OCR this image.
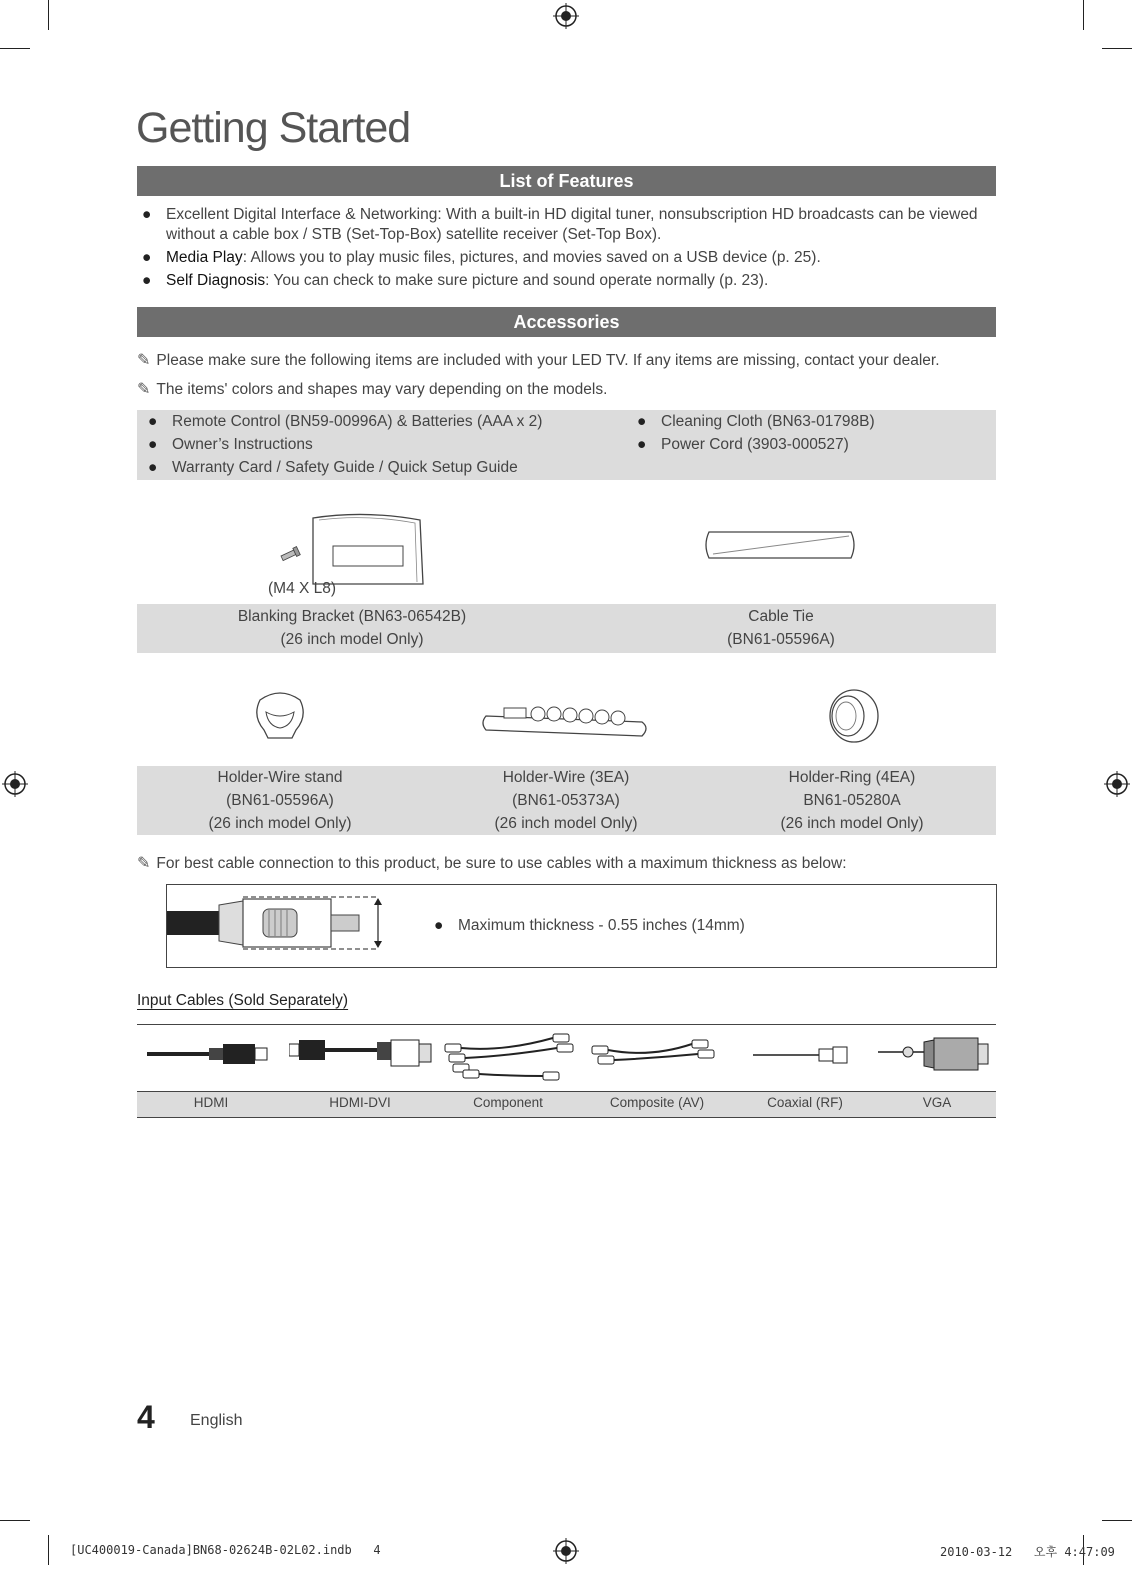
Getting Started
List of Features
● Excellent Digital Interface & Networking: With a built-in HD digital tuner, nonsubscription HD broadcasts can be viewed without a cable box / STB (Set-Top-Box) satellite receiver (Set-Top Box).
● Media Play: Allows you to play music files, pictures, and movies saved on a USB device (p. 25).
● Self Diagnosis: You can check to make sure picture and sound operate normally (p. 23).
Accessories
✎ Please make sure the following items are included with your LED TV. If any items are missing, contact your dealer.
✎ The items' colors and shapes may vary depending on the models.
● Remote Control (BN59-00996A) & Batteries (AAA x 2)
● Owner’s Instructions
● Warranty Card / Safety Guide / Quick Setup Guide
● Cleaning Cloth (BN63-01798B)
● Power Cord (3903-000527)
(M4 X L8)
Blanking Bracket (BN63-06542B)
(26 inch model Only)
Cable Tie
(BN61-05596A)
Holder-Wire stand
(BN61-05596A)
(26 inch model Only)
Holder-Wire (3EA)
(BN61-05373A)
(26 inch model Only)
Holder-Ring (4EA)
BN61-05280A
(26 inch model Only)
✎ For best cable connection to this product, be sure to use cables with a maximum thickness as below:
● Maximum thickness - 0.55 inches (14mm)
Input Cables (Sold Separately)
HDMI	HDMI-DVI	Component	Composite (AV)	Coaxial (RF)	VGA
4 English
[UC400019-Canada]BN68-02624B-02L02.indb   4	2010-03-12   오후 4:47:09
